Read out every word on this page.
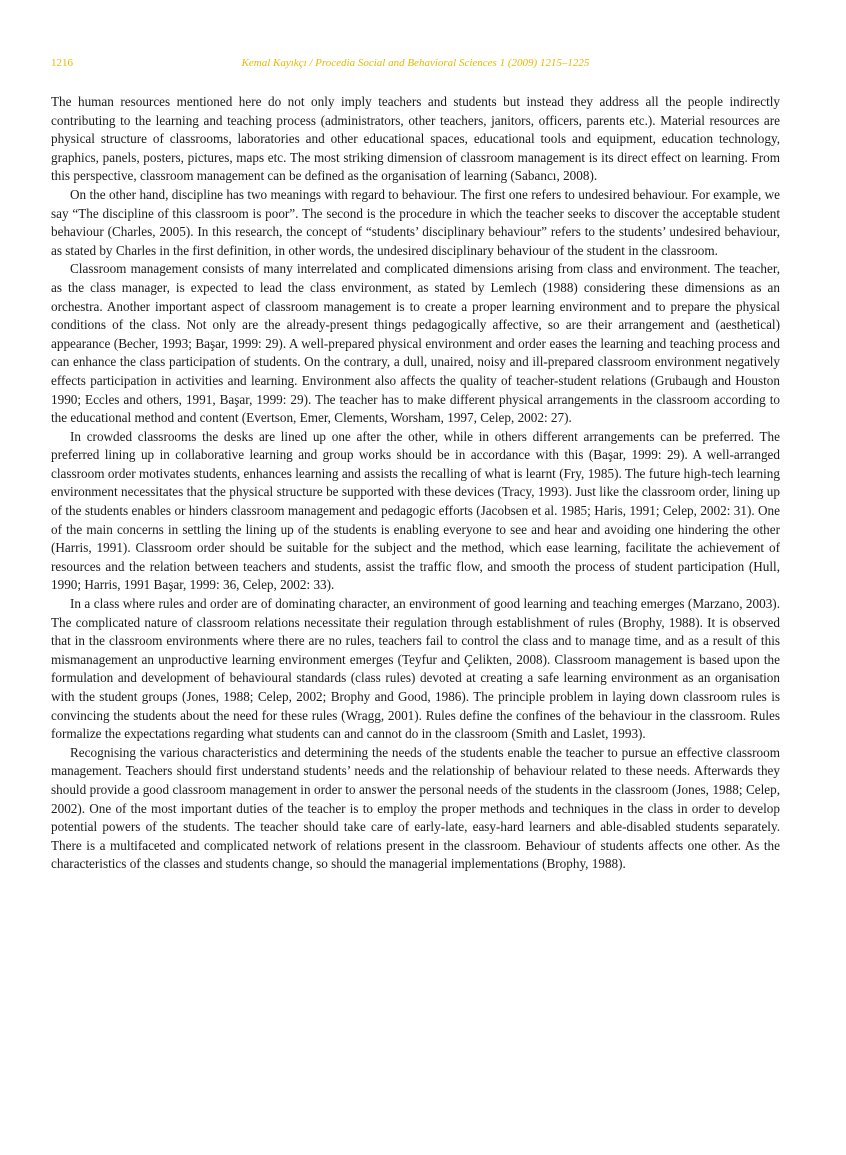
1216	Kemal Kayıkçı / Procedia Social and Behavioral Sciences 1 (2009) 1215–1225

The human resources mentioned here do not only imply teachers and students but instead they address all the people indirectly contributing to the learning and teaching process (administrators, other teachers, janitors, officers, parents etc.). Material resources are physical structure of classrooms, laboratories and other educational spaces, educational tools and equipment, education technology, graphics, panels, posters, pictures, maps etc. The most striking dimension of classroom management is its direct effect on learning. From this perspective, classroom management can be defined as the organisation of learning (Sabancı, 2008).

On the other hand, discipline has two meanings with regard to behaviour. The first one refers to undesired behaviour. For example, we say “The discipline of this classroom is poor”. The second is the procedure in which the teacher seeks to discover the acceptable student behaviour (Charles, 2005). In this research, the concept of “students’ disciplinary behaviour” refers to the students’ undesired behaviour, as stated by Charles in the first definition, in other words, the undesired disciplinary behaviour of the student in the classroom.

Classroom management consists of many interrelated and complicated dimensions arising from class and environment. The teacher, as the class manager, is expected to lead the class environment, as stated by Lemlech (1988) considering these dimensions as an orchestra. Another important aspect of classroom management is to create a proper learning environment and to prepare the physical conditions of the class. Not only are the already-present things pedagogically affective, so are their arrangement and (aesthetical) appearance (Becher, 1993; Başar, 1999: 29). A well-prepared physical environment and order eases the learning and teaching process and can enhance the class participation of students. On the contrary, a dull, unaired, noisy and ill-prepared classroom environment negatively effects participation in activities and learning. Environment also affects the quality of teacher-student relations (Grubaugh and Houston 1990; Eccles and others, 1991, Başar, 1999: 29). The teacher has to make different physical arrangements in the classroom according to the educational method and content (Evertson, Emer, Clements, Worsham, 1997, Celep, 2002: 27).

In crowded classrooms the desks are lined up one after the other, while in others different arrangements can be preferred. The preferred lining up in collaborative learning and group works should be in accordance with this (Başar, 1999: 29). A well-arranged classroom order motivates students, enhances learning and assists the recalling of what is learnt (Fry, 1985). The future high-tech learning environment necessitates that the physical structure be supported with these devices (Tracy, 1993). Just like the classroom order, lining up of the students enables or hinders classroom management and pedagogic efforts (Jacobsen et al. 1985; Haris, 1991; Celep, 2002: 31). One of the main concerns in settling the lining up of the students is enabling everyone to see and hear and avoiding one hindering the other (Harris, 1991). Classroom order should be suitable for the subject and the method, which ease learning, facilitate the achievement of resources and the relation between teachers and students, assist the traffic flow, and smooth the process of student participation (Hull, 1990; Harris, 1991 Başar, 1999: 36, Celep, 2002: 33).

In a class where rules and order are of dominating character, an environment of good learning and teaching emerges (Marzano, 2003). The complicated nature of classroom relations necessitate their regulation through establishment of rules (Brophy, 1988). It is observed that in the classroom environments where there are no rules, teachers fail to control the class and to manage time, and as a result of this mismanagement an unproductive learning environment emerges (Teyfur and Çelikten, 2008). Classroom management is based upon the formulation and development of behavioural standards (class rules) devoted at creating a safe learning environment as an organisation with the student groups (Jones, 1988; Celep, 2002; Brophy and Good, 1986). The principle problem in laying down classroom rules is convincing the students about the need for these rules (Wragg, 2001). Rules define the confines of the behaviour in the classroom. Rules formalize the expectations regarding what students can and cannot do in the classroom (Smith and Laslet, 1993).

Recognising the various characteristics and determining the needs of the students enable the teacher to pursue an effective classroom management. Teachers should first understand students’ needs and the relationship of behaviour related to these needs. Afterwards they should provide a good classroom management in order to answer the personal needs of the students in the classroom (Jones, 1988; Celep, 2002). One of the most important duties of the teacher is to employ the proper methods and techniques in the class in order to develop potential powers of the students. The teacher should take care of early-late, easy-hard learners and able-disabled students separately. There is a multifaceted and complicated network of relations present in the classroom. Behaviour of students affects one other. As the characteristics of the classes and students change, so should the managerial implementations (Brophy, 1988).
